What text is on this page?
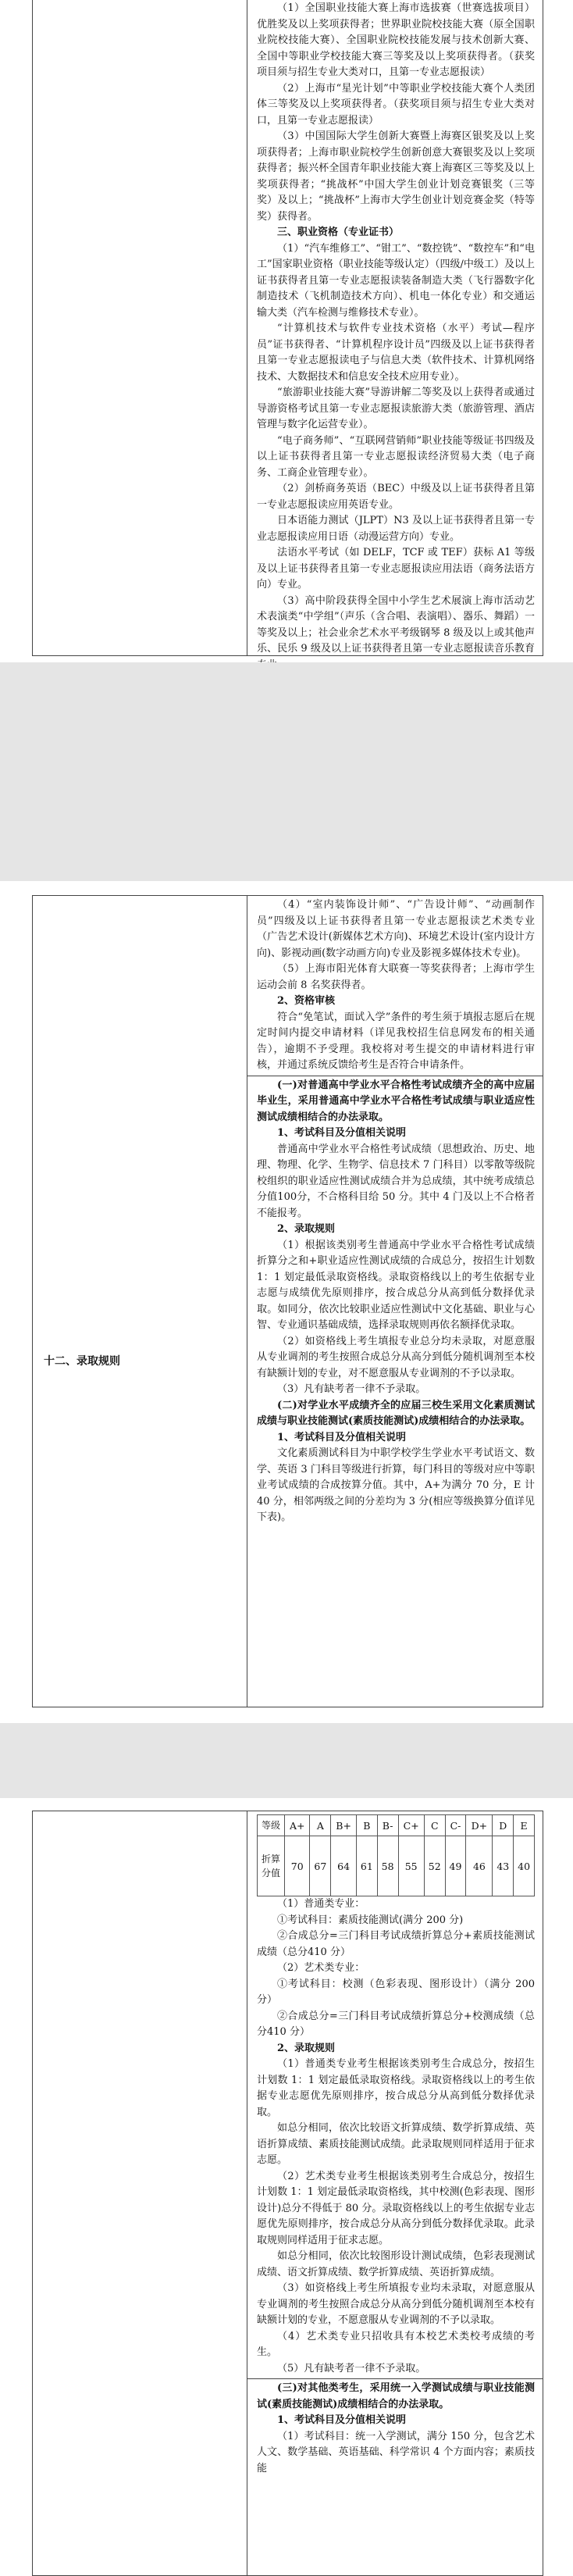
（1）全国职业技能大赛上海市选拔赛（世赛选拔项目）优胜奖及以上奖项获得者；世界职业院校技能大赛（原全国职业院校技能大赛）、全国职业院校技能发展与技术创新大赛、全国中等职业学校技能大赛三等奖及以上奖项获得者。（获奖项目须与招生专业大类对口，且第一专业志愿报读）

（2）上海市“星光计划”中等职业学校技能大赛个人类团体三等奖及以上奖项获得者。（获奖项目须与招生专业大类对口，且第一专业志愿报读）

（3）中国国际大学生创新大赛暨上海赛区银奖及以上奖项获得者；上海市职业院校学生创新创意大赛银奖及以上奖项获得者；振兴杯全国青年职业技能大赛上海赛区三等奖及以上奖项获得者；“挑战杯”中国大学生创业计划竞赛银奖（三等奖）及以上；“挑战杯”上海市大学生创业计划竞赛金奖（特等奖）获得者。

三、职业资格（专业证书）

（1）“汽车维修工”、“钳工”、“数控铣”、“数控车”和“电工”国家职业资格（职业技能等级认定）（四级/中级工）及以上证书获得者且第一专业志愿报读装备制造大类（飞行器数字化制造技术（飞机制造技术方向）、机电一体化专业）和交通运输大类（汽车检测与维修技术专业）。

“计算机技术与软件专业技术资格（水平）考试—程序员”证书获得者、“计算机程序设计员”四级及以上证书获得者且第一专业志愿报读电子与信息大类（软件技术、计算机网络技术、大数据技术和信息安全技术应用专业）。

“旅游职业技能大赛”导游讲解二等奖及以上获得者或通过导游资格考试且第一专业志愿报读旅游大类（旅游管理、酒店管理与数字化运营专业）。

“电子商务师”、“互联网营销师”职业技能等级证书四级及以上证书获得者且第一专业志愿报读经济贸易大类（电子商务、工商企业管理专业）。

（2）剑桥商务英语（BEC）中级及以上证书获得者且第一专业志愿报读应用英语专业。

日本语能力测试（JLPT）N3 及以上证书获得者且第一专业志愿报读应用日语（动漫运营方向）专业。

法语水平考试（如 DELF，TCF 或 TEF）获标 A1 等级及以上证书获得者且第一专业志愿报读应用法语（商务法语方向）专业。

（3）高中阶段获得全国中小学生艺术展演上海市活动艺术表演类“中学组”（声乐（含合唱、表演唱）、器乐、舞蹈）一等奖及以上；社会业余艺术水平考级钢琴 8 级及以上或其他声乐、民乐 9 级及以上证书获得者且第一专业志愿报读音乐教育

十二、录取规则

（4）“室内装饰设计师”、“广告设计师”、“动画制作员”四级及以上证书获得者且第一专业志愿报读艺术类专业（广告艺术设计(新媒体艺术方向)、环境艺术设计(室内设计方向)、影视动画(数字动画方向)专业及影视多媒体技术专业)。

（5）上海市阳光体育大联赛一等奖获得者；上海市学生运动会前 8 名奖获得者。

2、资格审核

符合“免笔试，面试入学”条件的考生须于填报志愿后在规定时间内提交申请材料（详见我校招生信息网发布的相关通告），逾期不予受理。我校将对考生提交的申请材料进行审核，并通过系统反馈给考生是否符合申请条件。

(一)对普通高中学业水平合格性考试成绩齐全的高中应届毕业生，采用普通高中学业水平合格性考试成绩与职业适应性测试成绩相结合的办法录取。

1、考试科目及分值相关说明

普通高中学业水平合格性考试成绩（思想政治、历史、地理、物理、化学、生物学、信息技术 7 门科目）以零散等级院校组织的职业适应性测试成绩合并为总成绩，其中统考成绩总分值100分，不合格科目给 50 分。其中 4 门及以上不合格者不能报考。

2、录取规则

（1）根据该类别考生普通高中学业水平合格性考试成绩折算分之和+职业适应性测试成绩的合成总分，按招生计划数 1：1 划定最低录取资格线。录取资格线以上的考生依据专业志愿与成绩优先原则排序，按合成总分从高到低分数择优录取。如同分，依次比较职业适应性测试中文化基础、职业与心智、专业通识基础成绩，选择录取规则再依名额择优录取。

（2）如资格线上考生填报专业总分均未录取，对愿意服从专业调剂的考生按照合成总分从高分到低分随机调剂至本校有缺额计划的专业，对不愿意服从专业调剂的不予以录取。

（3）凡有缺考者一律不予录取。

(二)对学业水平成绩齐全的应届三校生采用文化素质测试成绩与职业技能测试(素质技能测试)成绩相结合的办法录取。

1、考试科目及分值相关说明

文化素质测试科目为中职学校学生学业水平考试语文、数学、英语 3 门科目等级进行折算，每门科目的等级对应中等职业考试成绩的合成按算分值。其中，A+为满分 70 分，E 计 40 分，相邻两级之间的分差均为 3 分(相应等级换算分值详见下表)。

等级	A+	A	B+	B	B-	C+	C	C-	D+	D	E
折算分值	70	67	64	61	58	55	52	49	46	43	40

（1）普通类专业：

①考试科目：素质技能测试(满分 200 分)

②合成总分=三门科目考试成绩折算总分+素质技能测试成绩（总分410 分）

（2）艺术类专业：

①考试科目：校测（色彩表现、图形设计）（满分 200 分）

②合成总分=三门科目考试成绩折算总分+校测成绩（总分410 分）

2、录取规则

（1）普通类专业考生根据该类别考生合成总分，按招生计划数 1：1 划定最低录取资格线。录取资格线以上的考生依据专业志愿优先原则排序，按合成总分从高到低分数择优录取。

如总分相同，依次比较语文折算成绩、数学折算成绩、英语折算成绩、素质技能测试成绩。此录取规则同样适用于征求志愿。

（2）艺术类专业考生根据该类别考生合成总分，按招生计划数 1：1 划定最低录取资格线，其中校测(色彩表现、图形设计)总分不得低于 80 分。录取资格线以上的考生依据专业志愿优先原则排序，按合成总分从高分到低分数择优录取。此录取规则同样适用于征求志愿。

如总分相同，依次比较图形设计测试成绩，色彩表现测试成绩、语文折算成绩、数学折算成绩、英语折算成绩。

（3）如资格线上考生所填报专业均未录取，对愿意服从专业调剂的考生按照合成总分从高分到低分随机调剂至本校有缺额计划的专业，不愿意服从专业调剂的不予以录取。

（4）艺术类专业只招收具有本校艺术类校考成绩的考生。

（5）凡有缺考者一律不予录取。

(三)对其他类考生，采用统一入学测试成绩与职业技能测试(素质技能测试)成绩相结合的办法录取。

1、考试科目及分值相关说明

（1）考试科目：统一入学测试，满分 150 分，包含艺术人文、数学基础、英语基础、科学常识 4 个方面内容；素质技能
